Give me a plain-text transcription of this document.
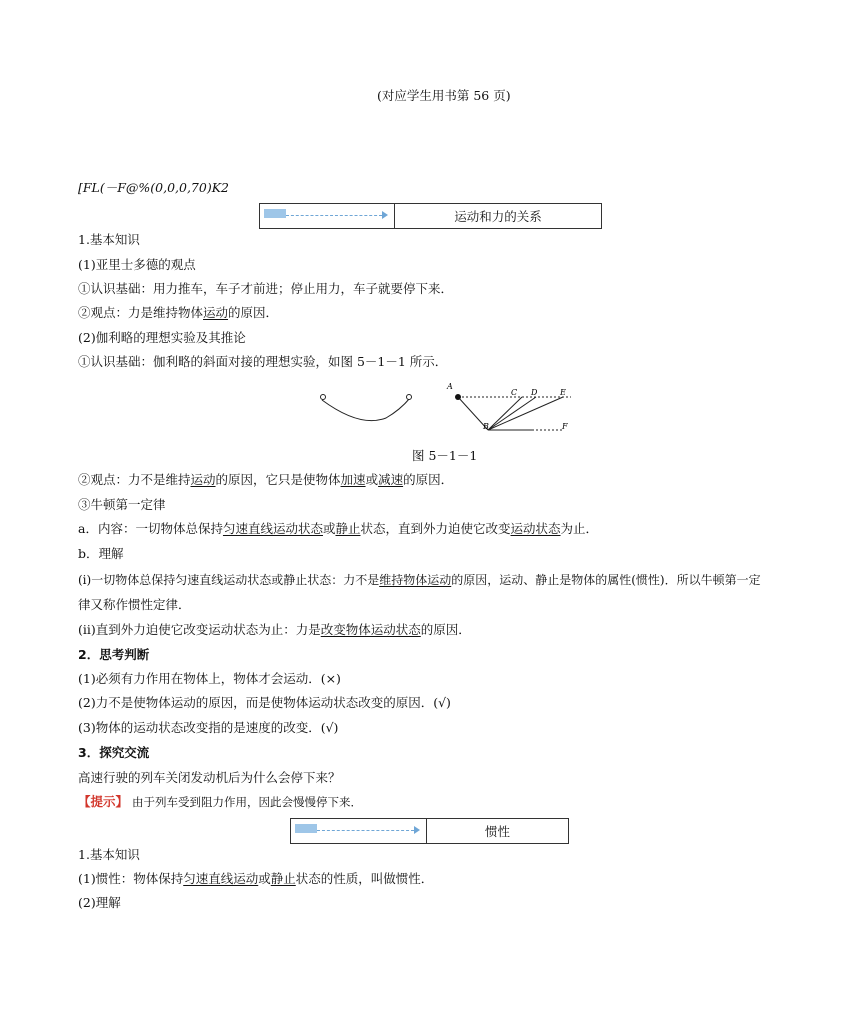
(对应学生用书第 56 页)
[FL(－F@%(0,0,0,70)K2
运动和力的关系
1.基本知识
(1)亚里士多德的观点
①认识基础：用力推车，车子才前进；停止用力，车子就要停下来．
②观点：力是维持物体运动的原因．
(2)伽利略的理想实验及其推论
①认识基础：伽利略的斜面对接的理想实验，如图 5－1－1 所示．
A
B
C D	E
F
图 5－1－1
②观点：力不是维持运动的原因，它只是使物体加速或减速的原因．
③牛顿第一定律
a．内容：一切物体总保持匀速直线运动状态或静止状态，直到外力迫使它改变运动状态为止．
b．理解
(ⅰ)一切物体总保持匀速直线运动状态或静止状态：力不是维持物体运动的原因，运动、静止是物体的属性(惯性)．所以牛顿第一定
律又称作惯性定律．
(ⅱ)直到外力迫使它改变运动状态为止：力是改变物体运动状态的原因．
2．思考判断
(1)必须有力作用在物体上，物体才会运动．(×)
(2)力不是使物体运动的原因，而是使物体运动状态改变的原因．(√)
(3)物体的运动状态改变指的是速度的改变．(√)
3．探究交流
高速行驶的列车关闭发动机后为什么会停下来？
【提示】 由于列车受到阻力作用，因此会慢慢停下来．
惯性
1.基本知识
(1)惯性：物体保持匀速直线运动或静止状态的性质，叫做惯性．
(2)理解
